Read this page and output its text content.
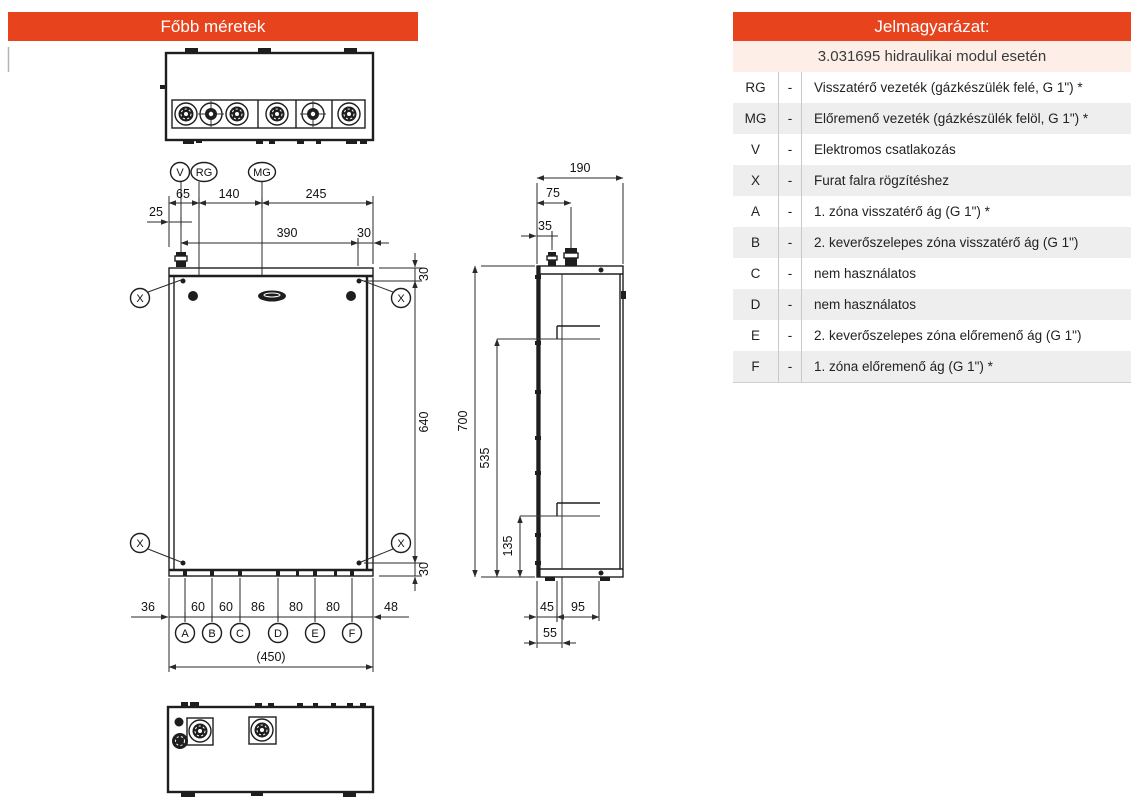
Főbb méretek	Jelmagyarázat:
3.031695 hidraulikai modul esetén
RG	-	Visszatérő vezeték (gázkészülék felé, G 1") *
MG	-	Előremenő vezeték (gázkészülék felöl, G 1") *
V	-	Elektromos csatlakozás
X	-	Furat falra rögzítéshez
A	-	1. zóna visszatérő ág (G 1") *
B	-	2. keverőszelepes zóna visszatérő ág (G 1")
C	-	nem használatos
D	-	nem használatos
E	-	2. keverőszelepes zóna előremenő ág (G 1")
F	-	1. zóna előremenő ág (G 1") *
V RG	MG
65 140	245
25
390	30
30
640
30
X	X
X	X
36	60 60 86 80 80	48
A B C	D	E	F
(450)
190
75
35
700
535
135
45 95
55
